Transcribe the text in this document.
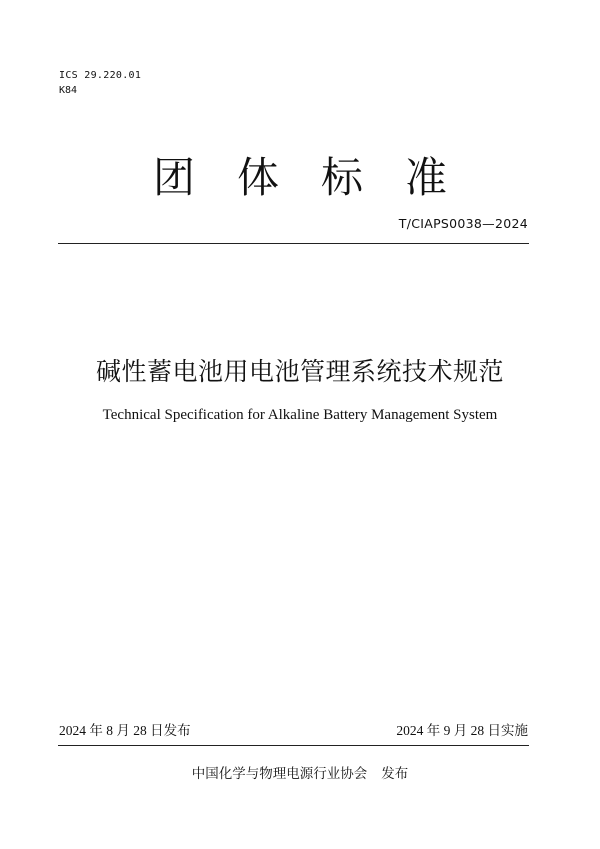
ICS 29.220.01
K84
团体标准
T/CIAPS0038—2024
碱性蓄电池用电池管理系统技术规范
Technical Specification for Alkaline Battery Management System
2024 年 8 月 28 日发布	2024 年 9 月 28 日实施
中国化学与物理电源行业协会 发布
